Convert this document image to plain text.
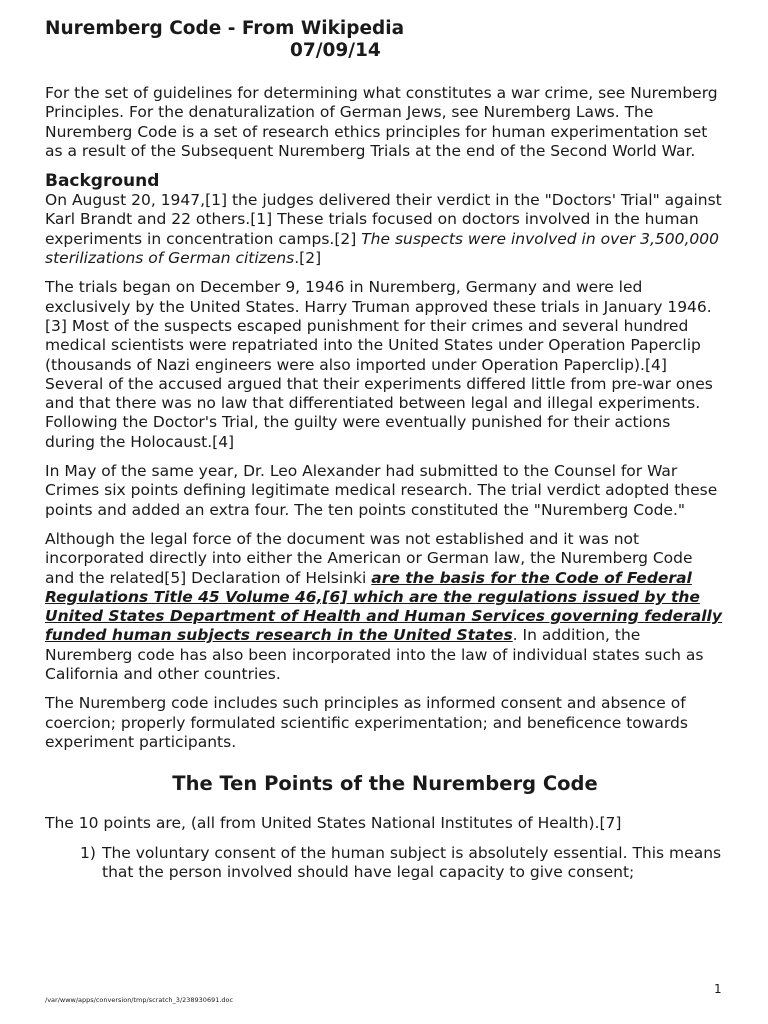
Nuremberg Code - From Wikipedia
07/09/14

For the set of guidelines for determining what constitutes a war crime, see Nuremberg Principles. For the denaturalization of German Jews, see Nuremberg Laws. The Nuremberg Code is a set of research ethics principles for human experimentation set as a result of the Subsequent Nuremberg Trials at the end of the Second World War.

Background

On August 20, 1947,[1] the judges delivered their verdict in the "Doctors' Trial" against Karl Brandt and 22 others.[1] These trials focused on doctors involved in the human experiments in concentration camps.[2] The suspects were involved in over 3,500,000 sterilizations of German citizens.[2]

The trials began on December 9, 1946 in Nuremberg, Germany and were led exclusively by the United States. Harry Truman approved these trials in January 1946.[3] Most of the suspects escaped punishment for their crimes and several hundred medical scientists were repatriated into the United States under Operation Paperclip (thousands of Nazi engineers were also imported under Operation Paperclip).[4] Several of the accused argued that their experiments differed little from pre-war ones and that there was no law that differentiated between legal and illegal experiments. Following the Doctor's Trial, the guilty were eventually punished for their actions during the Holocaust.[4]

In May of the same year, Dr. Leo Alexander had submitted to the Counsel for War Crimes six points defining legitimate medical research. The trial verdict adopted these points and added an extra four. The ten points constituted the "Nuremberg Code."

Although the legal force of the document was not established and it was not incorporated directly into either the American or German law, the Nuremberg Code and the related[5] Declaration of Helsinki are the basis for the Code of Federal Regulations Title 45 Volume 46,[6] which are the regulations issued by the United States Department of Health and Human Services governing federally funded human subjects research in the United States. In addition, the Nuremberg code has also been incorporated into the law of individual states such as California and other countries.

The Nuremberg code includes such principles as informed consent and absence of coercion; properly formulated scientific experimentation; and beneficence towards experiment participants.

The Ten Points of the Nuremberg Code

The 10 points are, (all from United States National Institutes of Health).[7]

1) The voluntary consent of the human subject is absolutely essential. This means that the person involved should have legal capacity to give consent;
/var/www/apps/conversion/tmp/scratch_3/238930691.doc
1
